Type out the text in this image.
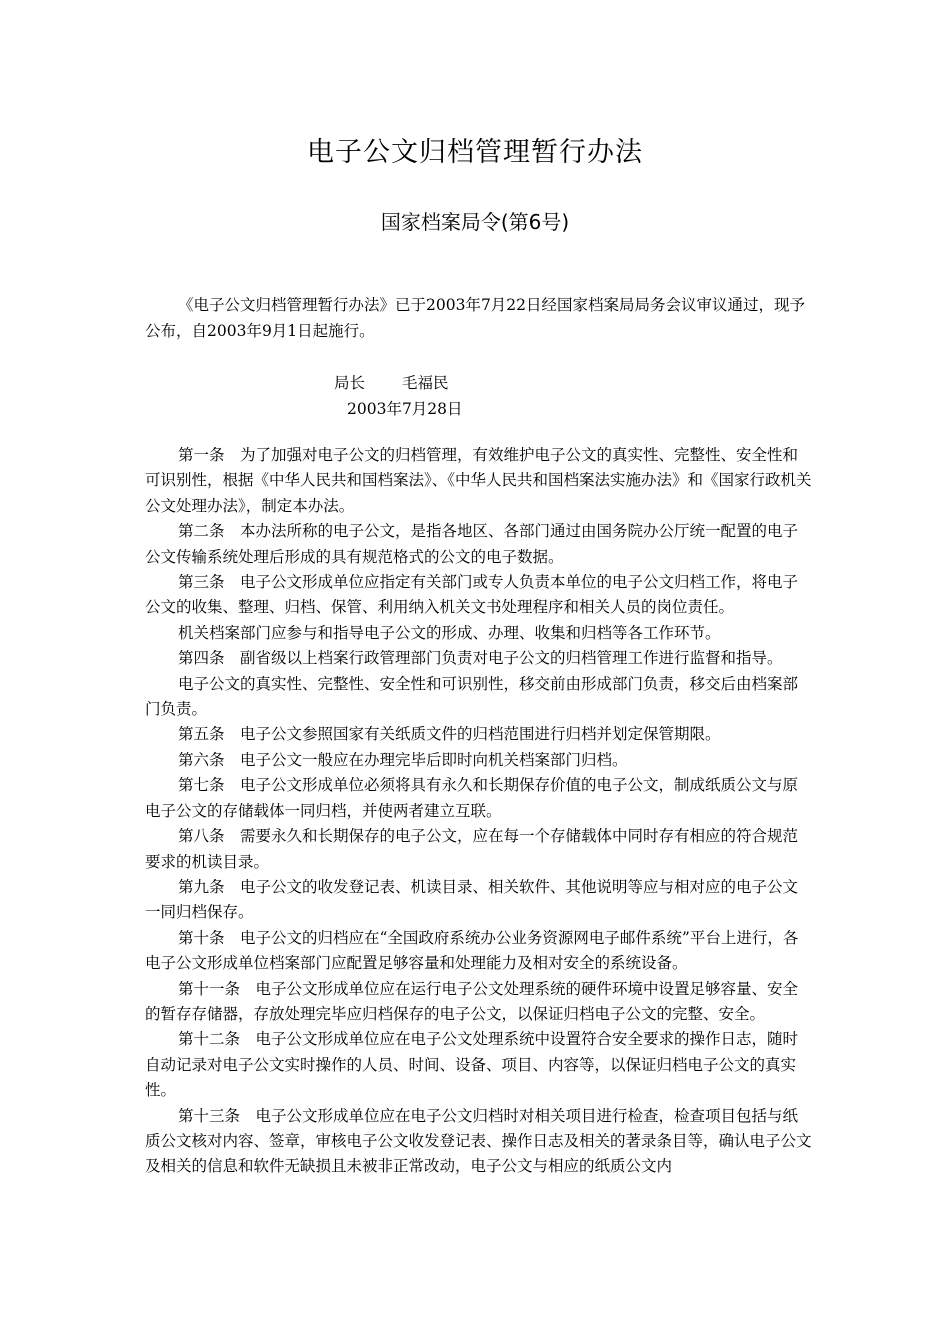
电子公文归档管理暂行办法
国家档案局令(第6号)

《电子公文归档管理暂行办法》已于2003年7月22日经国家档案局局务会议审议通过，现予公布，自2003年9月1日起施行。

局长 毛福民
2003年7月28日

第一条　为了加强对电子公文的归档管理，有效维护电子公文的真实性、完整性、安全性和可识别性，根据《中华人民共和国档案法》、《中华人民共和国档案法实施办法》和《国家行政机关公文处理办法》，制定本办法。

第二条　本办法所称的电子公文，是指各地区、各部门通过由国务院办公厅统一配置的电子公文传输系统处理后形成的具有规范格式的公文的电子数据。

第三条　电子公文形成单位应指定有关部门或专人负责本单位的电子公文归档工作，将电子公文的收集、整理、归档、保管、利用纳入机关文书处理程序和相关人员的岗位责任。

机关档案部门应参与和指导电子公文的形成、办理、收集和归档等各工作环节。

第四条　副省级以上档案行政管理部门负责对电子公文的归档管理工作进行监督和指导。

电子公文的真实性、完整性、安全性和可识别性，移交前由形成部门负责，移交后由档案部门负责。

第五条　电子公文参照国家有关纸质文件的归档范围进行归档并划定保管期限。

第六条　电子公文一般应在办理完毕后即时向机关档案部门归档。

第七条　电子公文形成单位必须将具有永久和长期保存价值的电子公文，制成纸质公文与原电子公文的存储载体一同归档，并使两者建立互联。

第八条　需要永久和长期保存的电子公文，应在每一个存储载体中同时存有相应的符合规范要求的机读目录。

第九条　电子公文的收发登记表、机读目录、相关软件、其他说明等应与相对应的电子公文一同归档保存。

第十条　电子公文的归档应在“全国政府系统办公业务资源网电子邮件系统”平台上进行，各电子公文形成单位档案部门应配置足够容量和处理能力及相对安全的系统设备。

第十一条　电子公文形成单位应在运行电子公文处理系统的硬件环境中设置足够容量、安全的暂存存储器，存放处理完毕应归档保存的电子公文，以保证归档电子公文的完整、安全。

第十二条　电子公文形成单位应在电子公文处理系统中设置符合安全要求的操作日志，随时自动记录对电子公文实时操作的人员、时间、设备、项目、内容等，以保证归档电子公文的真实性。

第十三条　电子公文形成单位应在电子公文归档时对相关项目进行检查，检查项目包括与纸质公文核对内容、签章，审核电子公文收发登记表、操作日志及相关的著录条目等，确认电子公文及相关的信息和软件无缺损且未被非正常改动，电子公文与相应的纸质公文内
